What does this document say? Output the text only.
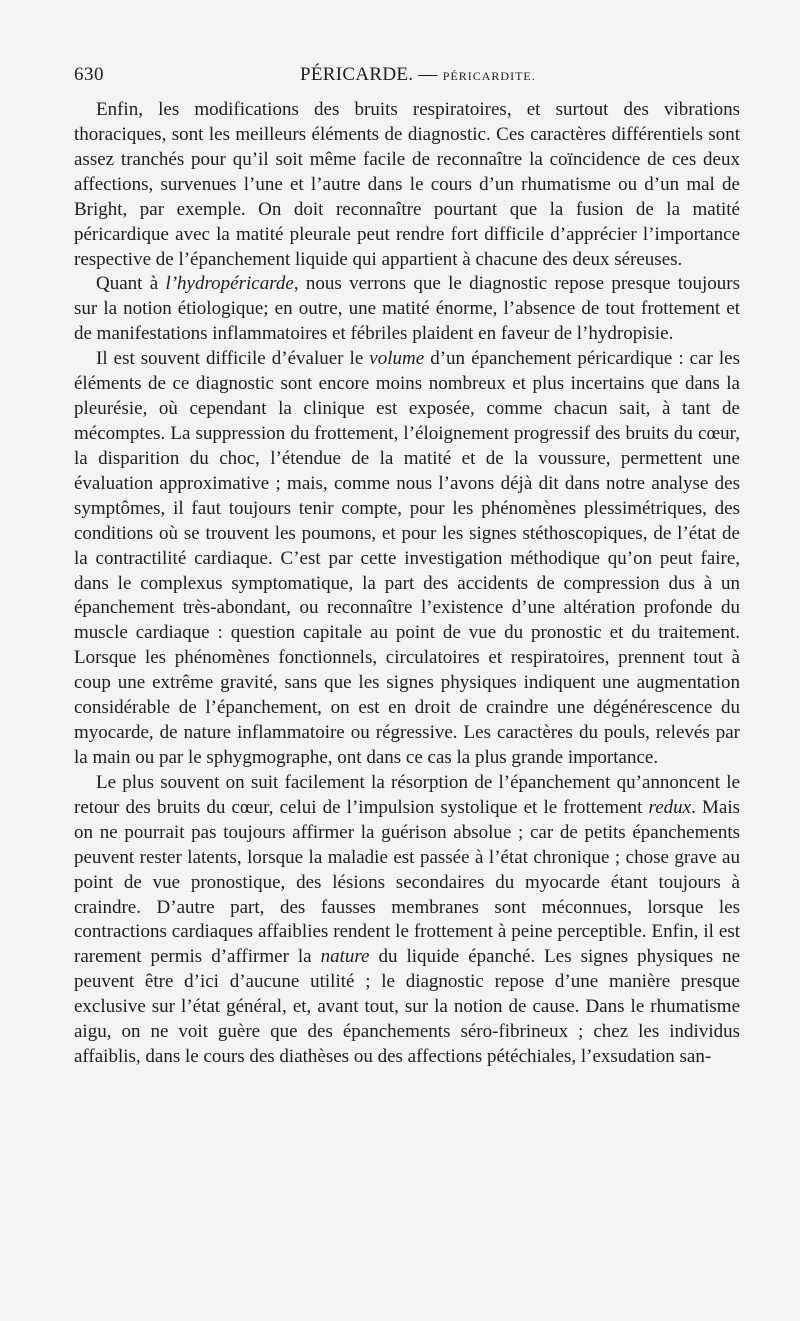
630	PÉRICARDE. — PÉRICARDITE.

Enfin, les modifications des bruits respiratoires, et surtout des vibrations thoraciques, sont les meilleurs éléments de diagnostic. Ces caractères différentiels sont assez tranchés pour qu’il soit même facile de reconnaître la coïncidence de ces deux affections, survenues l’une et l’autre dans le cours d’un rhumatisme ou d’un mal de Bright, par exemple. On doit reconnaître pourtant que la fusion de la matité péricardique avec la matité pleurale peut rendre fort difficile d’apprécier l’importance respective de l’épanchement liquide qui appartient à chacune des deux séreuses.

Quant à l’hydropéricarde, nous verrons que le diagnostic repose presque toujours sur la notion étiologique; en outre, une matité énorme, l’absence de tout frottement et de manifestations inflammatoires et fébriles plaident en faveur de l’hydropisie.

Il est souvent difficile d’évaluer le volume d’un épanchement péricardique : car les éléments de ce diagnostic sont encore moins nombreux et plus incertains que dans la pleurésie, où cependant la clinique est exposée, comme chacun sait, à tant de mécomptes. La suppression du frottement, l’éloignement progressif des bruits du cœur, la disparition du choc, l’étendue de la matité et de la voussure, permettent une évaluation approximative ; mais, comme nous l’avons déjà dit dans notre analyse des symptômes, il faut toujours tenir compte, pour les phénomènes plessimétriques, des conditions où se trouvent les poumons, et pour les signes stéthoscopiques, de l’état de la contractilité cardiaque. C’est par cette investigation méthodique qu’on peut faire, dans le complexus symptomatique, la part des accidents de compression dus à un épanchement très-abondant, ou reconnaître l’existence d’une altération profonde du muscle cardiaque : question capitale au point de vue du pronostic et du traitement. Lorsque les phénomènes fonctionnels, circulatoires et respiratoires, prennent tout à coup une extrême gravité, sans que les signes physiques indiquent une augmentation considérable de l’épanchement, on est en droit de craindre une dégénérescence du myocarde, de nature inflammatoire ou régressive. Les caractères du pouls, relevés par la main ou par le sphygmographe, ont dans ce cas la plus grande importance.

Le plus souvent on suit facilement la résorption de l’épanchement qu’annoncent le retour des bruits du cœur, celui de l’impulsion systolique et le frottement redux. Mais on ne pourrait pas toujours affirmer la guérison absolue ; car de petits épanchements peuvent rester latents, lorsque la maladie est passée à l’état chronique ; chose grave au point de vue pronostique, des lésions secondaires du myocarde étant toujours à craindre. D’autre part, des fausses membranes sont méconnues, lorsque les contractions cardiaques affaiblies rendent le frottement à peine perceptible. Enfin, il est rarement permis d’affirmer la nature du liquide épanché. Les signes physiques ne peuvent être d’ici d’aucune utilité ; le diagnostic repose d’une manière presque exclusive sur l’état général, et, avant tout, sur la notion de cause. Dans le rhumatisme aigu, on ne voit guère que des épanchements séro-fibrineux ; chez les individus affaiblis, dans le cours des diathèses ou des affections pétéchiales, l’exsudation san-
